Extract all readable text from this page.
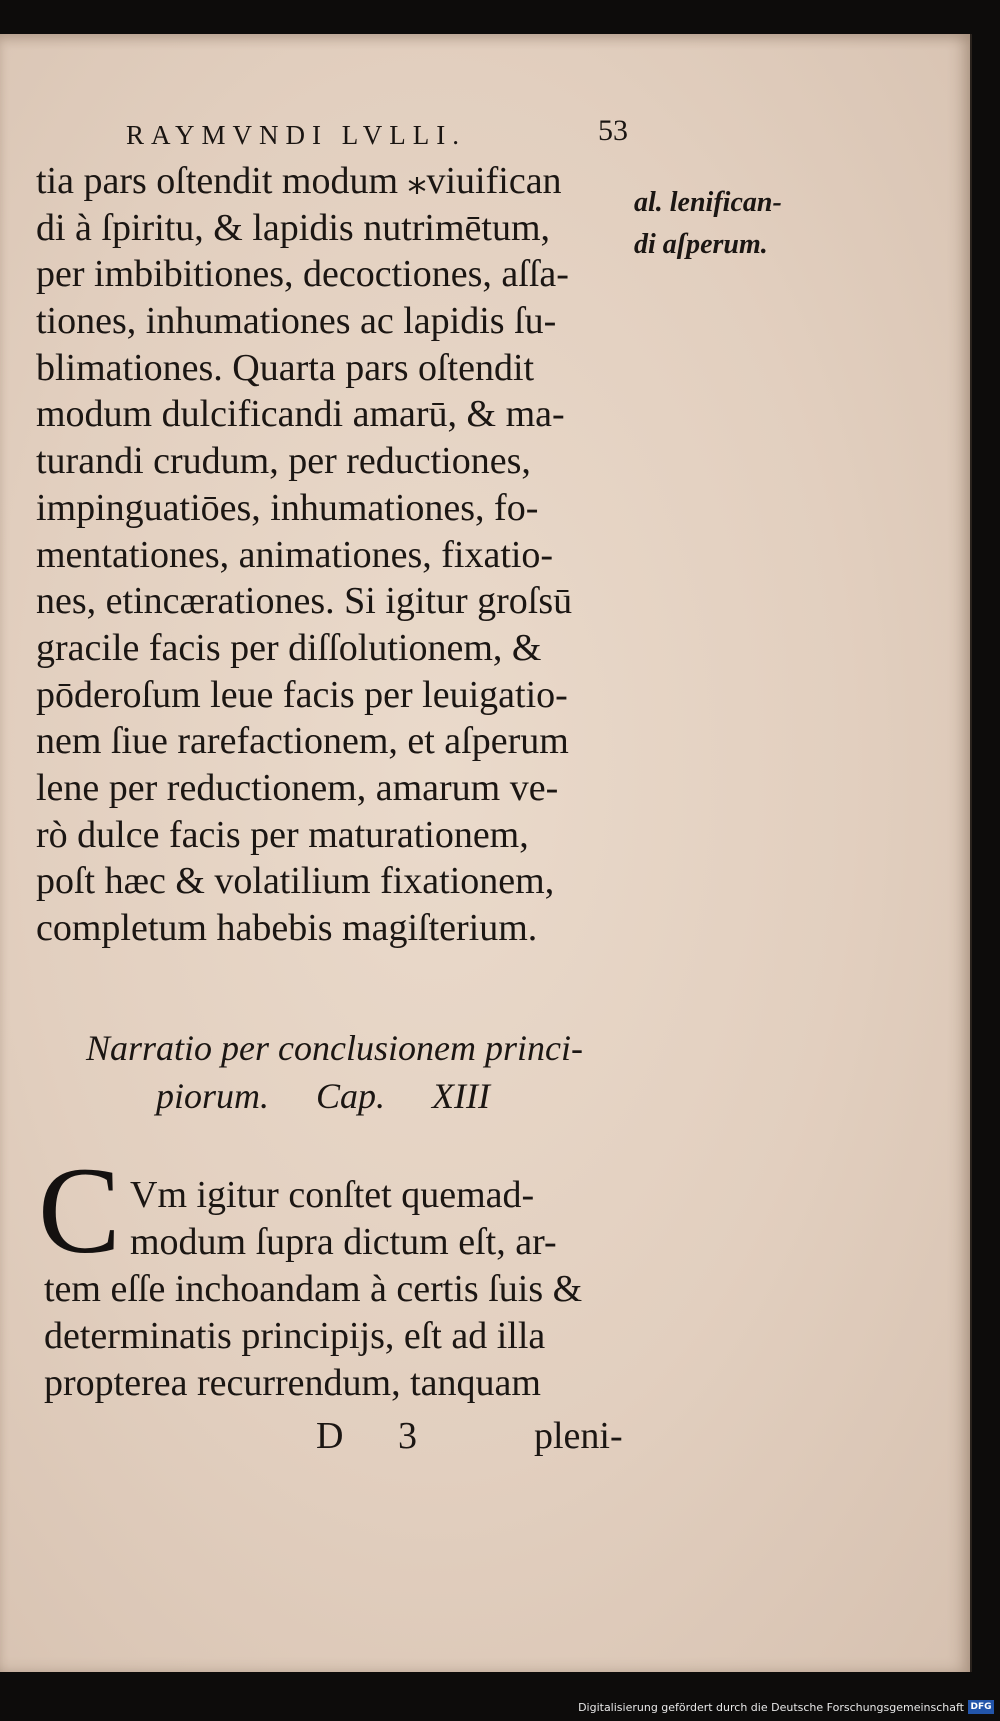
RAYMVNDI LVLLI.	53
tia pars oſtendit modum ⁎viuifican
di à ſpiritu, & lapidis nutrimētum,
per imbibitiones, decoctiones, aſſa-
tiones, inhumationes ac lapidis ſu-
blimationes. Quarta pars oſtendit
modum dulcificandi amarū, & ma-
turandi crudum, per reductiones,
impinguatiōes, inhumationes, fo-
mentationes, animationes, fixatio-
nes, etincærationes. Si igitur groſsū
gracile facis per diſſolutionem, &
pōderoſum leue facis per leuigatio-
nem ſiue rarefactionem, et aſperum
lene per reductionem, amarum ve-
rò dulce facis per maturationem,
poſt hæc & volatilium fixationem,
completum habebis magiſterium.
al. lenifican-
di aſperum.
Narratio per conclusionem princi-
piorum. Cap. XIII
C Vm igitur conſtet quemad-
modum ſupra dictum eſt, ar-
tem eſſe inchoandam à certis ſuis &
determinatis principijs, eſt ad illa
propterea recurrendum, tanquam
D 3	pleni-
Digitalisierung gefördert durch die Deutsche Forschungsgemeinschaft DFG
